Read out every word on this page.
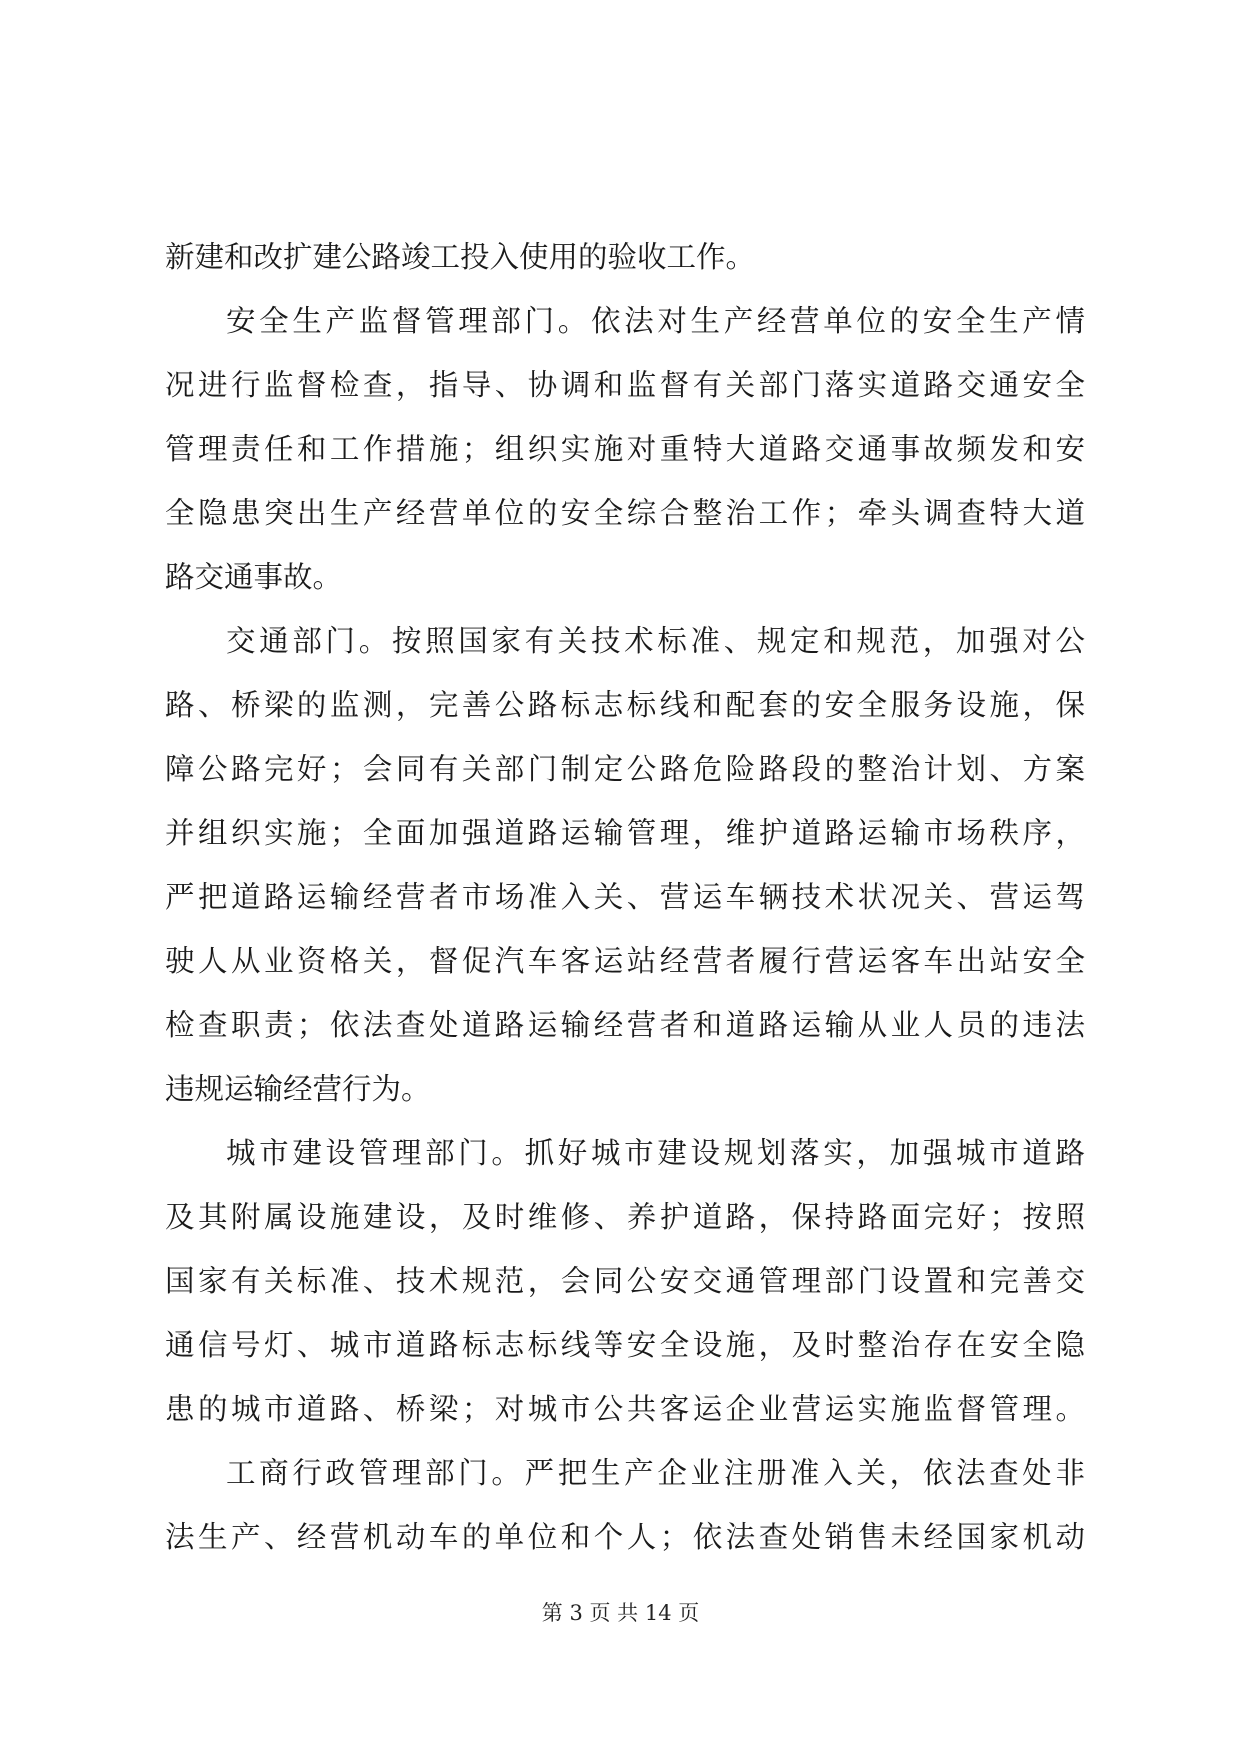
新建和改扩建公路竣工投入使用的验收工作。
安全生产监督管理部门。依法对生产经营单位的安全生产情
况进行监督检查，指导、协调和监督有关部门落实道路交通安全
管理责任和工作措施；组织实施对重特大道路交通事故频发和安
全隐患突出生产经营单位的安全综合整治工作；牵头调查特大道
路交通事故。
交通部门。按照国家有关技术标准、规定和规范，加强对公
路、桥梁的监测，完善公路标志标线和配套的安全服务设施，保
障公路完好；会同有关部门制定公路危险路段的整治计划、方案
并组织实施；全面加强道路运输管理，维护道路运输市场秩序，
严把道路运输经营者市场准入关、营运车辆技术状况关、营运驾
驶人从业资格关，督促汽车客运站经营者履行营运客车出站安全
检查职责；依法查处道路运输经营者和道路运输从业人员的违法
违规运输经营行为。
城市建设管理部门。抓好城市建设规划落实，加强城市道路
及其附属设施建设，及时维修、养护道路，保持路面完好；按照
国家有关标准、技术规范，会同公安交通管理部门设置和完善交
通信号灯、城市道路标志标线等安全设施，及时整治存在安全隐
患的城市道路、桥梁；对城市公共客运企业营运实施监督管理。
工商行政管理部门。严把生产企业注册准入关，依法查处非
法生产、经营机动车的单位和个人；依法查处销售未经国家机动
第 3 页 共 14 页
